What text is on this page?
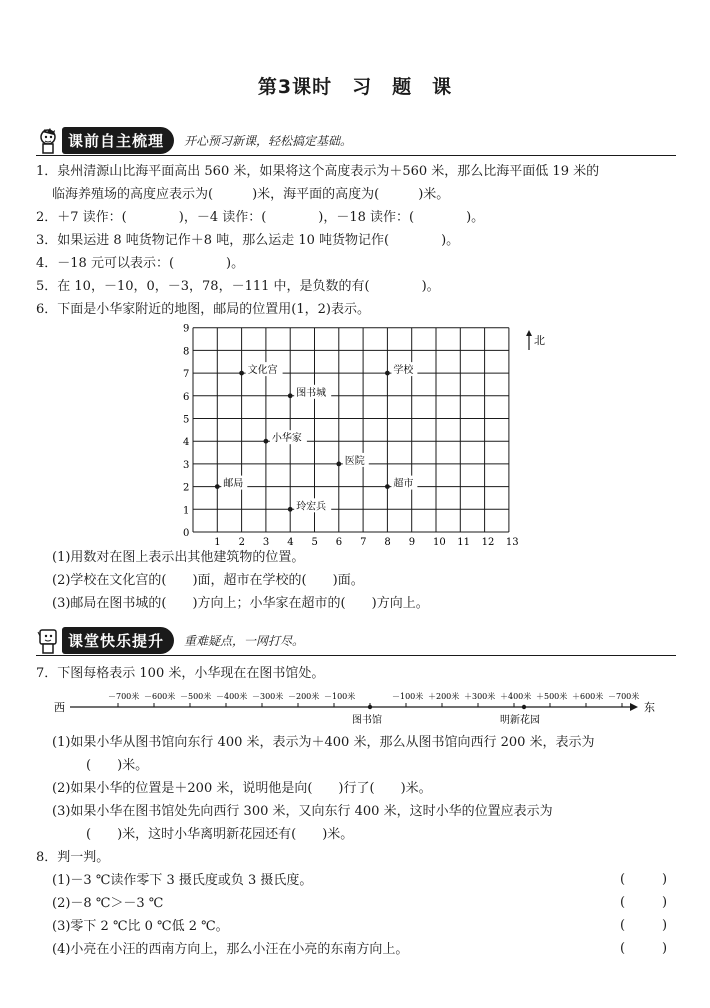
第3课时　习　题　课
课前自主梳理	开心预习新课，轻松搞定基础。
1．泉州清源山比海平面高出 560 米，如果将这个高度表示为＋560 米，那么比海平面低 19 米的
临海养殖场的高度应表示为(　　　)米，海平面的高度为(　　　)米。
2．＋7 读作：(　　　　)，－4 读作：(　　　　)，－18 读作：(　　　　)。
3．如果运进 8 吨货物记作＋8 吨，那么运走 10 吨货物记作(　　　　)。
4．－18 元可以表示：(　　　　)。
5．在 10，－10，0，－3，78，－111 中，是负数的有(　　　　)。
6．下面是小华家附近的地图，邮局的位置用(1，2)表示。
邮局
文化宫
玲宏兵
小华家
图书城
医院
学校
超市
1 2 3 4 5 6 7 8 9 10 11 12 13
0
1
2
3
4
5
6
7
8
9
北
(1)用数对在图上表示出其他建筑物的位置。
(2)学校在文化宫的(　　)面，超市在学校的(　　)面。
(3)邮局在图书城的(　　)方向上；小华家在超市的(　　)方向上。
课堂快乐提升	重难疑点，一网打尽。
7．下图每格表示 100 米，小华现在在图书馆处。
西	东
－700米 －600米 －500米 －400米 －300米 －200米 －100米	－100米 ＋200米 ＋300米 ＋400米 ＋500米 ＋600米 －700米
图书馆	明新花园
(1)如果小华从图书馆向东行 400 米，表示为＋400 米，那么从图书馆向西行 200 米，表示为
(　　)米。
(2)如果小华的位置是＋200 米，说明他是向(　　)行了(　　)米。
(3)如果小华在图书馆处先向西行 300 米，又向东行 400 米，这时小华的位置应表示为
(　　)米，这时小华离明新花园还有(　　)米。
8．判一判。
(1)－3 ℃读作零下 3 摄氏度或负 3 摄氏度。	(	)
(2)－8 ℃＞－3 ℃	(	)
(3)零下 2 ℃比 0 ℃低 2 ℃。	(	)
(4)小亮在小汪的西南方向上，那么小汪在小亮的东南方向上。	(	)
